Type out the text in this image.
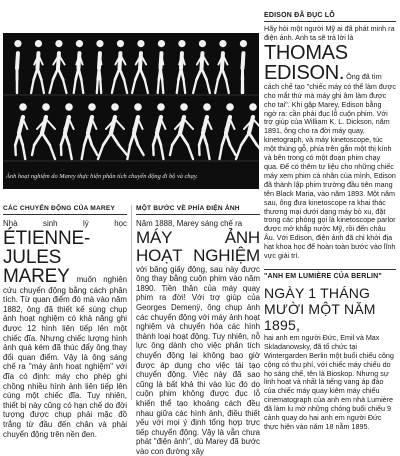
Ảnh hoạt nghiệm do Marey thực hiện phân tích chuyển động đi bộ và chạy.
EDISON ĐÃ ĐỤC LỖ
Hãy hỏi một người Mỹ ai đã phát minh ra điện ảnh. Anh ta sẽ trả lời là THOMAS EDISON. Ông đã tìm cách chế tạo "chiếc máy có thể làm được cho mắt thứ mà máy ghi âm làm được cho tai". Khi gặp Marey, Edison bằng ngờ ra: cần phải đục lỗ cuộn phim. Với trợ giúp của William K. L. Dickson, năm 1891, ông cho ra đời máy quay, kinetograph, và máy kinetoscope, túc một thùng gỗ, phía trên gắn một thị kính và bên trong có một đoạn phim chạy qua. Để có thêm tư liệu cho những chiếc máy xem phim cá nhân của mình, Edison đã thành lập phim trường đầu tiên mang tên Black Maria, vào năm 1893. Một năm sau, ông đưa kinetoscope ra khai thác thương mại dưới dạng máy bỏ xu, đặt trong các phòng gọi là kinetoscope parlor được mở khắp nước Mỹ, rồi đến châu Âu. Với Edison, điện ảnh đã chỉ khởi địa hạt khoa học để hoàn toàn bước vào lĩnh vực giải trí.
"ANH EM LUMIÈRE CỦA BERLIN"
NGÀY 1 THÁNG MƯỜI MỘT NĂM 1895,
hai anh em người Đức, Emil và Max Skladanowsky, đã tổ chức tại Wintergarden Berlin một buổi chiếu công cộng có thu phí, với chiếc máy chiếu do họ sáng chế, tên là Bioskop. Nhưng sự linh hoạt và nhất là tiếng vang áp đảo của chiếc máy quay kiêm máy chiếu cinematograph của anh em nhà Lumière đã làm lu mờ những chóng buổi chiếu 9 cảnh quay do hai anh em người Đức thực hiện vào năm 18 nằm 1895.
CÁC CHUYỂN ĐỘNG CỦA MAREY
Nhà sinh lý học ÉTIENNE-JULES MAREY muốn nghiên cứu chuyển động bằng cách phân tích. Từ quan điểm đó mà vào năm 1882, ông đã thiết kế súng chụp ảnh hoạt nghiệm có khả năng ghi được 12 hình liên tiếp lên một chiếc đĩa. Nhưng chiếc lượng hình ảnh quá kém đã thúc đẩy ông thay đổi quan điểm. Vậy là ông sáng chế ra "máy ảnh hoạt nghiệm" với đĩa có định: máy cho phép ghi chồng nhiều hình ảnh liên tiếp lên cùng một chiếc đĩa. Tuy nhiên, thiết bị này cũng có hạn chế do đời tượng được chụp phải mặc đồ trắng từ đầu đến chân và phải chuyển động trên nền đen.
MỘT BƯỚC VỀ PHÍA ĐIỆN ẢNH
Năm 1888, Marey sáng chế ra
MÁY ẢNH HOẠT NGHIỆM với băng giấy động, sau này được ông thay bằng cuộn phim vào năm 1890. Tiền thân của máy quay phim ra đời! Với trợ giúp của Georges Demenÿ, ông chụp ảnh các chuyển động với máy ảnh hoạt nghiệm và chuyển hóa các hình thành loại hoạt động. Tuy nhiên, nỗ lực ông dành cho việc phân tích chuyển động lại không bao giờ được áp dụng cho việc tái tạo chuyển động. Việc này đã sao cũng là bất khả thi vào lúc đó do cuộn phim không được đục lỗ khiến thể tạo khoảng cách đều nhau giữa các hình ảnh, điều thiết yếu với mọi ý định tổng hợp trực tiếp chuyển động. Vậy là vẫn chưa phát "điện ảnh", dù Marey đã bước vào con đường xây
